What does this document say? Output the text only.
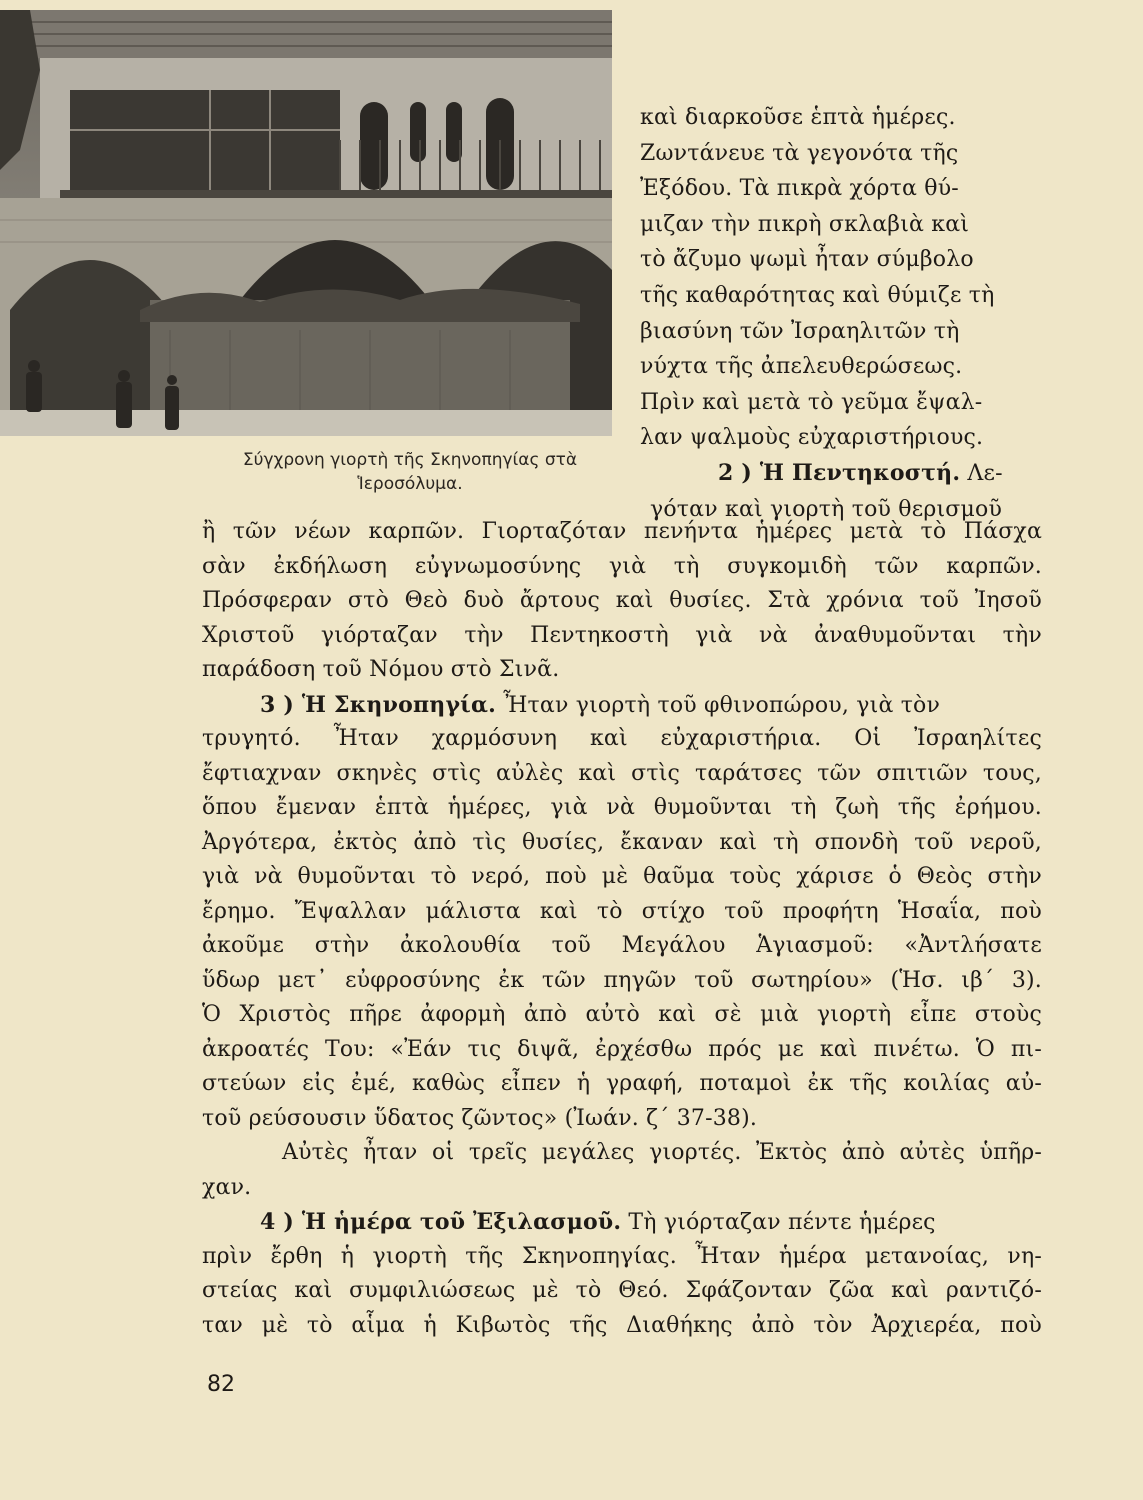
Σύγχρονη γιορτὴ τῆς Σκηνοπηγίας στὰ
Ἱεροσόλυμα.
καὶ διαρκοῦσε ἑπτὰ ἡμέρες.
Ζωντάνευε τὰ γεγονότα τῆς
Ἐξόδου. Τὰ πικρὰ χόρτα θύ-
μιζαν τὴν πικρὴ σκλαβιὰ καὶ
τὸ ἄζυμο ψωμὶ ἦταν σύμβολο
τῆς καθαρότητας καὶ θύμιζε τὴ
βιασύνη τῶν Ἰσραηλιτῶν τὴ
νύχτα τῆς ἀπελευθερώσεως.
Πρὶν καὶ μετὰ τὸ γεῦμα ἔψαλ-
λαν ψαλμοὺς εὐχαριστήριους.
2 ) Ἡ Πεντηκοστή. Λε-
γόταν καὶ γιορτὴ τοῦ θερισμοῦ
ἢ τῶν νέων καρπῶν. Γιορταζόταν πενήντα ἡμέρες μετὰ τὸ Πάσχα
σὰν ἐκδήλωση εὐγνωμοσύνης γιὰ τὴ συγκομιδὴ τῶν καρπῶν.
Πρόσφεραν στὸ Θεὸ δυὸ ἄρτους καὶ θυσίες. Στὰ χρόνια τοῦ Ἰησοῦ
Χριστοῦ γιόρταζαν τὴν Πεντηκοστὴ γιὰ νὰ ἀναθυμοῦνται τὴν
παράδοση τοῦ Νόμου στὸ Σινᾶ.
3 ) Ἡ Σκηνοπηγία. Ἦταν γιορτὴ τοῦ φθινοπώρου, γιὰ τὸν
τρυγητό. Ἦταν χαρμόσυνη καὶ εὐχαριστήρια. Οἱ Ἰσραηλίτες
ἔφτιαχναν σκηνὲς στὶς αὐλὲς καὶ στὶς ταράτσες τῶν σπιτιῶν τους,
ὅπου ἔμεναν ἑπτὰ ἡμέρες, γιὰ νὰ θυμοῦνται τὴ ζωὴ τῆς ἐρήμου.
Ἀργότερα, ἐκτὸς ἀπὸ τὶς θυσίες, ἔκαναν καὶ τὴ σπονδὴ τοῦ νεροῦ,
γιὰ νὰ θυμοῦνται τὸ νερό, ποὺ μὲ θαῦμα τοὺς χάρισε ὁ Θεὸς στὴν
ἔρημο. Ἔψαλλαν μάλιστα καὶ τὸ στίχο τοῦ προφήτη Ἡσαΐα, ποὺ
ἀκοῦμε στὴν ἀκολουθία τοῦ Μεγάλου Ἁγιασμοῦ: «Ἀντλήσατε
ὕδωρ μετ᾽ εὐφροσύνης ἐκ τῶν πηγῶν τοῦ σωτηρίου» (Ἡσ. ιβ΄ 3).
Ὁ Χριστὸς πῆρε ἀφορμὴ ἀπὸ αὐτὸ καὶ σὲ μιὰ γιορτὴ εἶπε στοὺς
ἀκροατές Του: «Ἐάν τις διψᾶ, ἐρχέσθω πρός με καὶ πινέτω. Ὁ πι-
στεύων εἰς ἐμέ, καθὼς εἶπεν ἡ γραφή, ποταμοὶ ἐκ τῆς κοιλίας αὐ-
τοῦ ρεύσουσιν ὕδατος ζῶντος» (Ἰωάν. ζ΄ 37-38).
Αὐτὲς ἦταν οἱ τρεῖς μεγάλες γιορτές. Ἐκτὸς ἀπὸ αὐτὲς ὑπῆρ-
χαν.
4 ) Ἡ ἡμέρα τοῦ Ἐξιλασμοῦ. Τὴ γιόρταζαν πέντε ἡμέρες
πρὶν ἔρθη ἡ γιορτὴ τῆς Σκηνοπηγίας. Ἦταν ἡμέρα μετανοίας, νη-
στείας καὶ συμφιλιώσεως μὲ τὸ Θεό. Σφάζονταν ζῶα καὶ ραντιζό-
ταν μὲ τὸ αἷμα ἡ Κιβωτὸς τῆς Διαθήκης ἀπὸ τὸν Ἀρχιερέα, ποὺ
82
